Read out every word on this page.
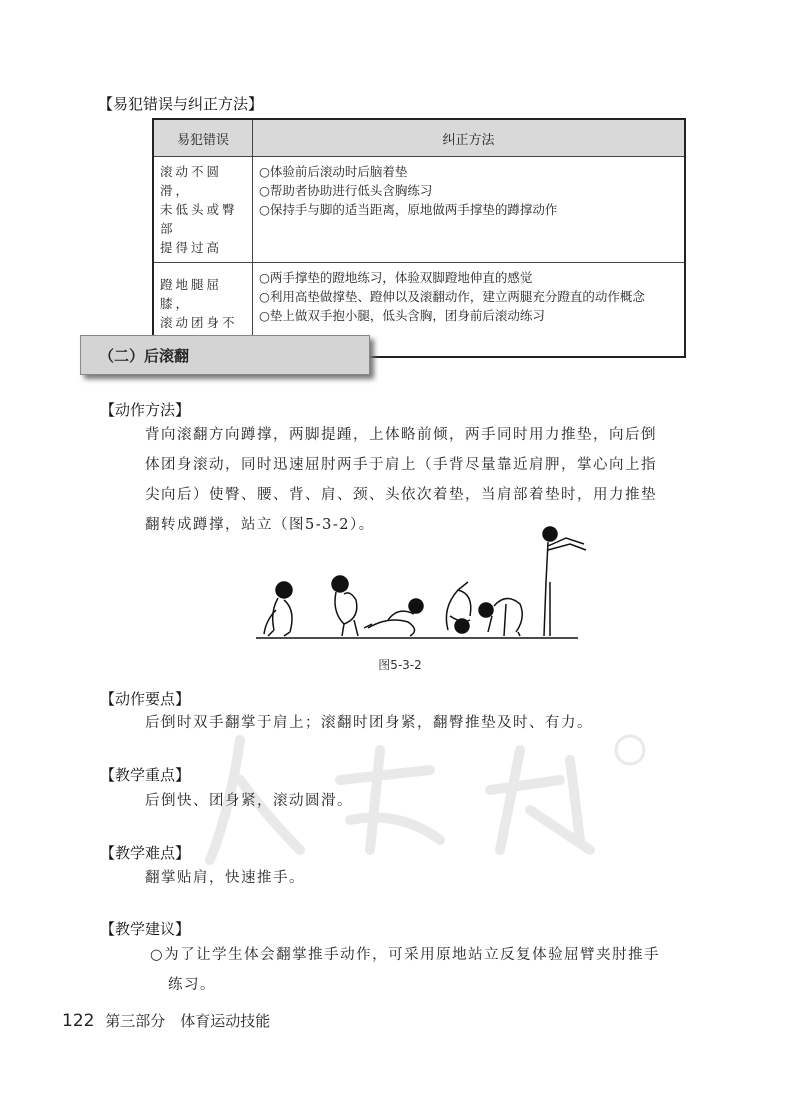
【易犯错误与纠正方法】
易犯错误	纠正方法

滚动不圆滑，
未低头或臀部
提得过高	○体验前后滚动时后脑着垫
○帮助者协助进行低头含胸练习
○保持手与脚的适当距离，原地做两手撑垫的蹲撑动作

蹬地腿屈膝，
滚动团身不	○两手撑垫的蹬地练习，体验双脚蹬地伸直的感觉
○利用高垫做撑垫、蹬伸以及滚翻动作，建立两腿充分蹬直的动作概念
○垫上做双手抱小腿，低头含胸，团身前后滚动练习
（二）后滚翻
【动作方法】
背向滚翻方向蹲撑，两脚提踵，上体略前倾，两手同时用力推垫，向后倒
体团身滚动，同时迅速屈肘两手于肩上（手背尽量靠近肩胛，掌心向上指
尖向后）使臀、腰、背、肩、颈、头依次着垫，当肩部着垫时，用力推垫
翻转成蹲撑，站立（图5-3-2）。
图5-3-2
【动作要点】
后倒时双手翻掌于肩上；滚翻时团身紧，翻臀推垫及时、有力。
【教学重点】
后倒快、团身紧，滚动圆滑。
【教学难点】
翻掌贴肩，快速推手。
【教学建议】
○为了让学生体会翻掌推手动作，可采用原地站立反复体验屈臂夹肘推手
练习。
122 第三部分　体育运动技能
